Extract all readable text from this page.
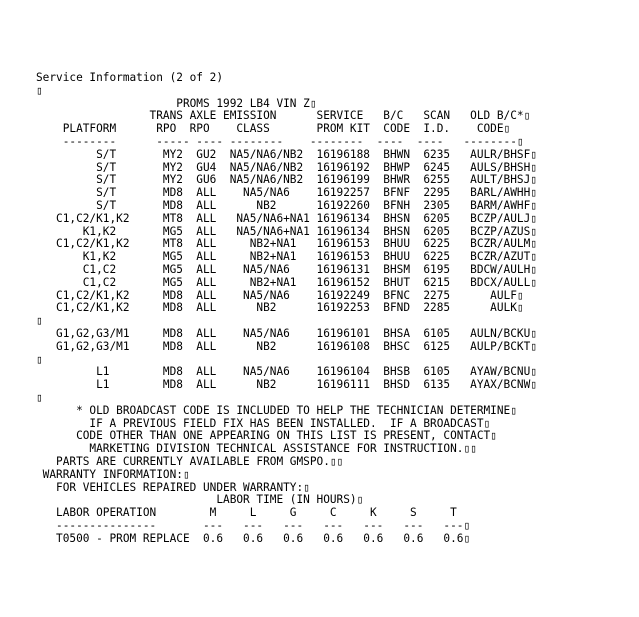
Service Information (2 of 2)
▯
PROMS 1992 LB4 VIN Z▯
TRANS AXLE EMISSION      SERVICE   B/C   SCAN   OLD B/C*▯
PLATFORM      RPO  RPO    CLASS       PROM KIT  CODE  I.D.    CODE▯
--------      ----- ---- --------    --------  ----  ----   --------▯
S/T       MY2  GU2  NA5/NA6/NB2  16196188  BHWN  6235   AULR/BHSF▯
S/T       MY2  GU4  NA5/NA6/NB2  16196192  BHWP  6245   AULS/BHSH▯
S/T       MY2  GU6  NA5/NA6/NB2  16196199  BHWR  6255   AULT/BHSJ▯
S/T       MD8  ALL    NA5/NA6    16192257  BFNF  2295   BARL/AWHH▯
S/T       MD8  ALL      NB2      16192260  BFNH  2305   BARM/AWHF▯
C1,C2/K1,K2     MT8  ALL   NA5/NA6+NA1 16196134  BHSN  6205   BCZP/AULJ▯
K1,K2       MG5  ALL   NA5/NA6+NA1 16196134  BHSN  6205   BCZP/AZUS▯
C1,C2/K1,K2     MT8  ALL     NB2+NA1   16196153  BHUU  6225   BCZR/AULM▯
K1,K2       MG5  ALL     NB2+NA1   16196153  BHUU  6225   BCZR/AZUT▯
C1,C2       MG5  ALL    NA5/NA6    16196131  BHSM  6195   BDCW/AULH▯
C1,C2       MG5  ALL     NB2+NA1   16196152  BHUT  6215   BDCX/AULL▯
C1,C2/K1,K2     MD8  ALL    NA5/NA6    16192249  BFNC  2275      AULF▯
C1,C2/K1,K2     MD8  ALL      NB2      16192253  BFND  2285      AULK▯
▯
G1,G2,G3/M1     MD8  ALL    NA5/NA6    16196101  BHSA  6105   AULN/BCKU▯
G1,G2,G3/M1     MD8  ALL      NB2      16196108  BHSC  6125   AULP/BCKT▯
▯
L1        MD8  ALL    NA5/NA6    16196104  BHSB  6105   AYAW/BCNU▯
L1        MD8  ALL      NB2      16196111  BHSD  6135   AYAX/BCNW▯
▯
* OLD BROADCAST CODE IS INCLUDED TO HELP THE TECHNICIAN DETERMINE▯
IF A PREVIOUS FIELD FIX HAS BEEN INSTALLED.  IF A BROADCAST▯
CODE OTHER THAN ONE APPEARING ON THIS LIST IS PRESENT, CONTACT▯
MARKETING DIVISION TECHNICAL ASSISTANCE FOR INSTRUCTION.▯▯
PARTS ARE CURRENTLY AVAILABLE FROM GMSPO.▯▯
WARRANTY INFORMATION:▯
FOR VEHICLES REPAIRED UNDER WARRANTY:▯
LABOR TIME (IN HOURS)▯
LABOR OPERATION        M     L     G     C     K     S     T
---------------       ---   ---   ---   ---   ---   ---   ---▯
T0500 - PROM REPLACE  0.6   0.6   0.6   0.6   0.6   0.6   0.6▯
